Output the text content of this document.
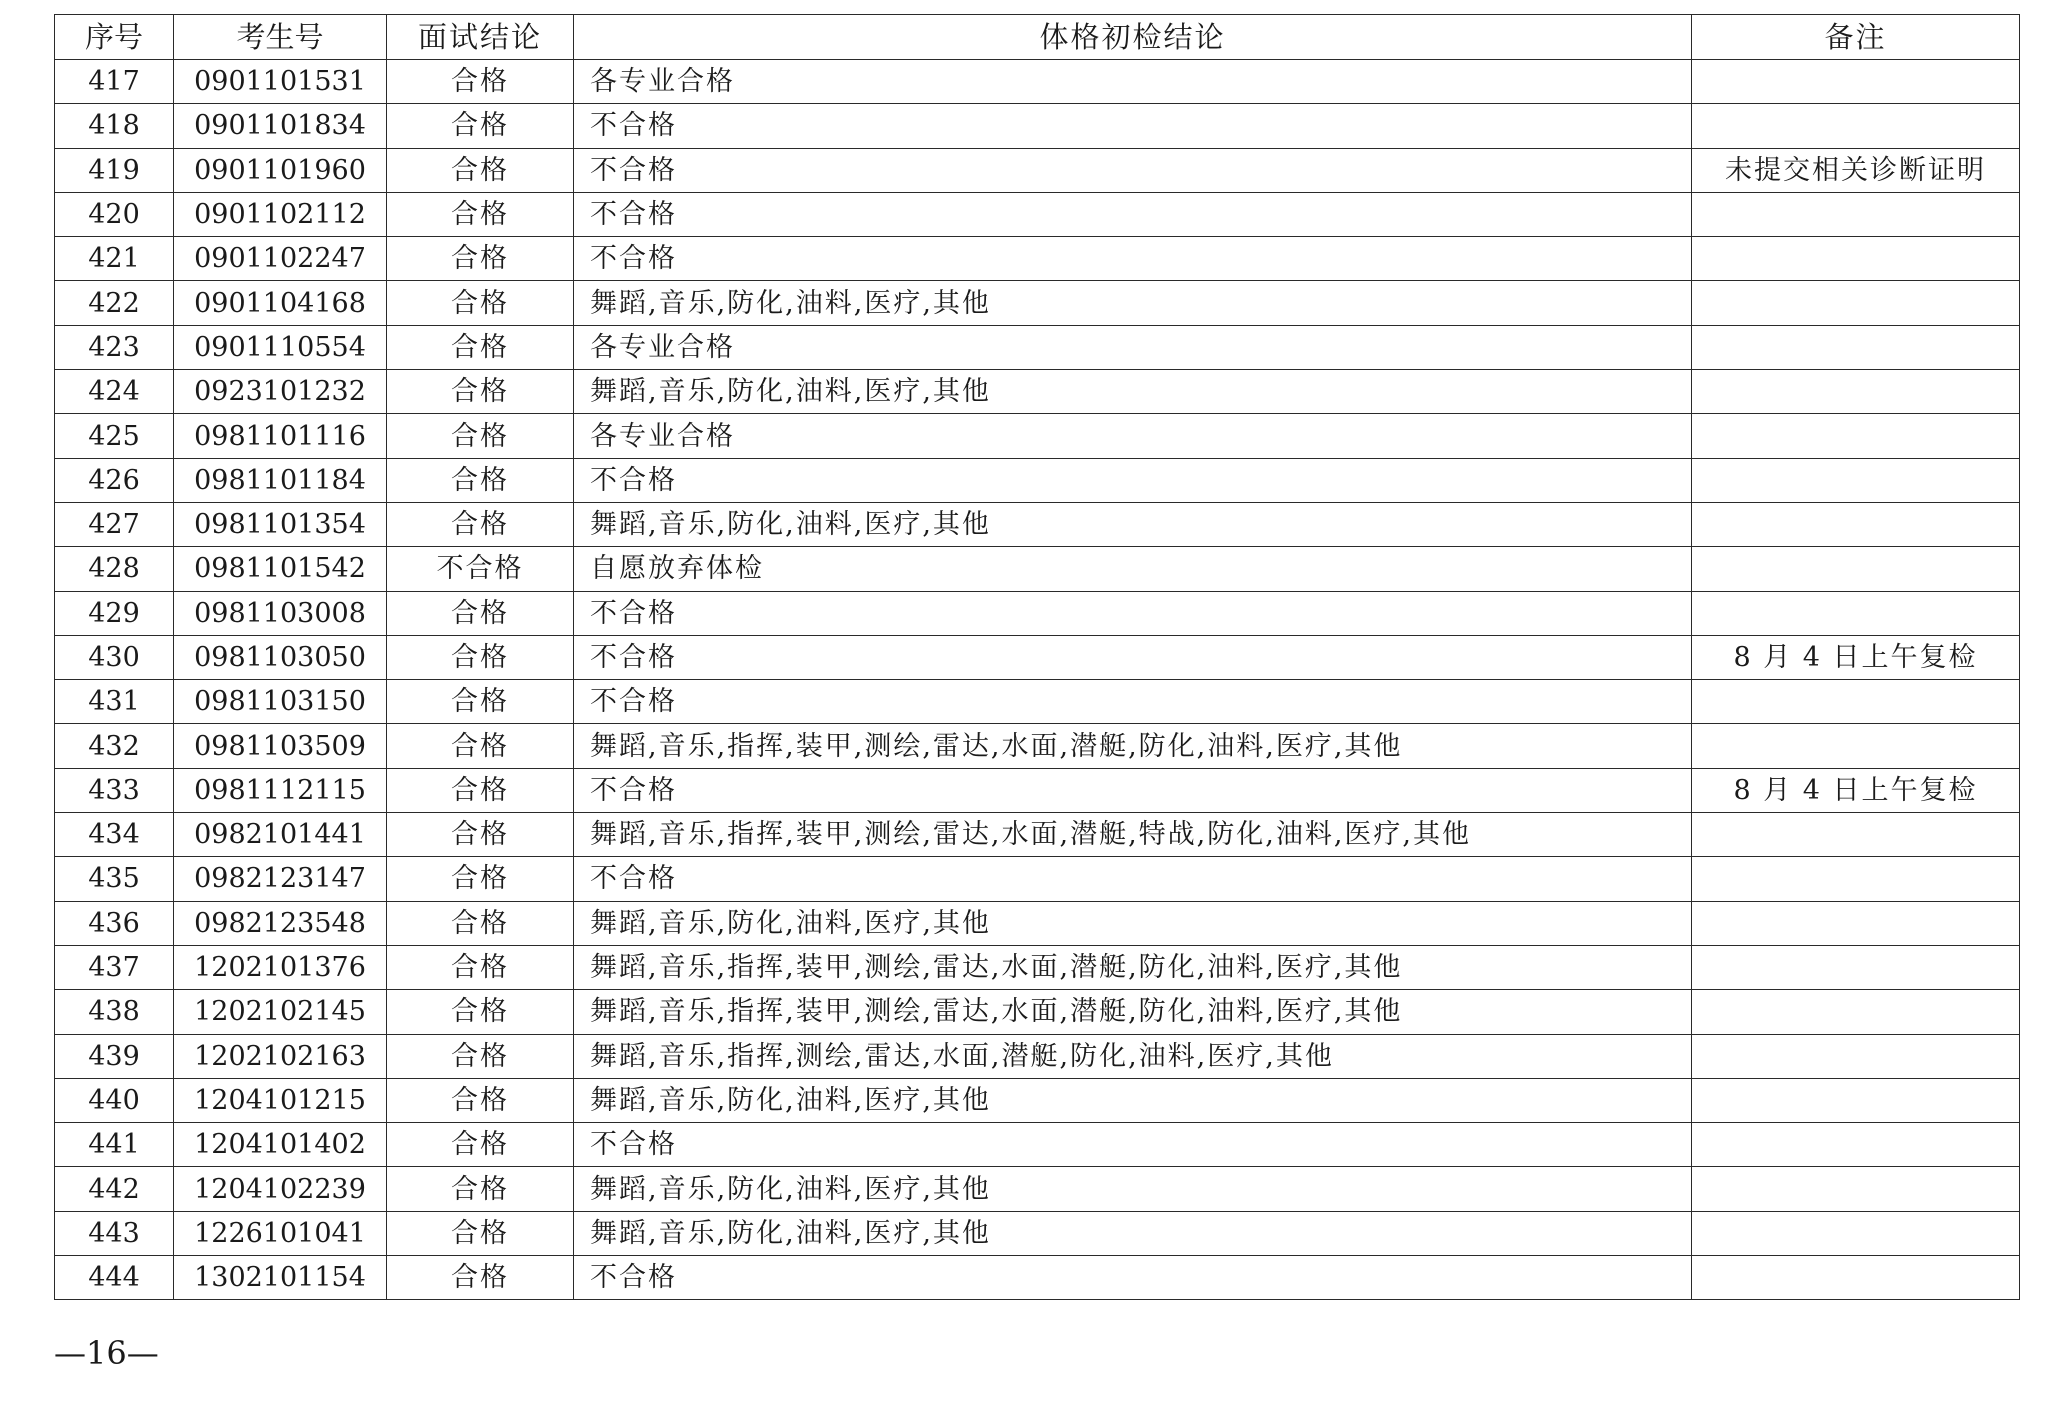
序号	考生号	面试结论	体格初检结论	备注
417	0901101531	合格	各专业合格	
418	0901101834	合格	不合格	
419	0901101960	合格	不合格	未提交相关诊断证明
420	0901102112	合格	不合格	
421	0901102247	合格	不合格	
422	0901104168	合格	舞蹈,音乐,防化,油料,医疗,其他	
423	0901110554	合格	各专业合格	
424	0923101232	合格	舞蹈,音乐,防化,油料,医疗,其他	
425	0981101116	合格	各专业合格	
426	0981101184	合格	不合格	
427	0981101354	合格	舞蹈,音乐,防化,油料,医疗,其他	
428	0981101542	不合格	自愿放弃体检	
429	0981103008	合格	不合格	
430	0981103050	合格	不合格	8 月 4 日上午复检
431	0981103150	合格	不合格	
432	0981103509	合格	舞蹈,音乐,指挥,装甲,测绘,雷达,水面,潜艇,防化,油料,医疗,其他	
433	0981112115	合格	不合格	8 月 4 日上午复检
434	0982101441	合格	舞蹈,音乐,指挥,装甲,测绘,雷达,水面,潜艇,特战,防化,油料,医疗,其他	
435	0982123147	合格	不合格	
436	0982123548	合格	舞蹈,音乐,防化,油料,医疗,其他	
437	1202101376	合格	舞蹈,音乐,指挥,装甲,测绘,雷达,水面,潜艇,防化,油料,医疗,其他	
438	1202102145	合格	舞蹈,音乐,指挥,装甲,测绘,雷达,水面,潜艇,防化,油料,医疗,其他	
439	1202102163	合格	舞蹈,音乐,指挥,测绘,雷达,水面,潜艇,防化,油料,医疗,其他	
440	1204101215	合格	舞蹈,音乐,防化,油料,医疗,其他	
441	1204101402	合格	不合格	
442	1204102239	合格	舞蹈,音乐,防化,油料,医疗,其他	
443	1226101041	合格	舞蹈,音乐,防化,油料,医疗,其他	
444	1302101154	合格	不合格	
—16—
